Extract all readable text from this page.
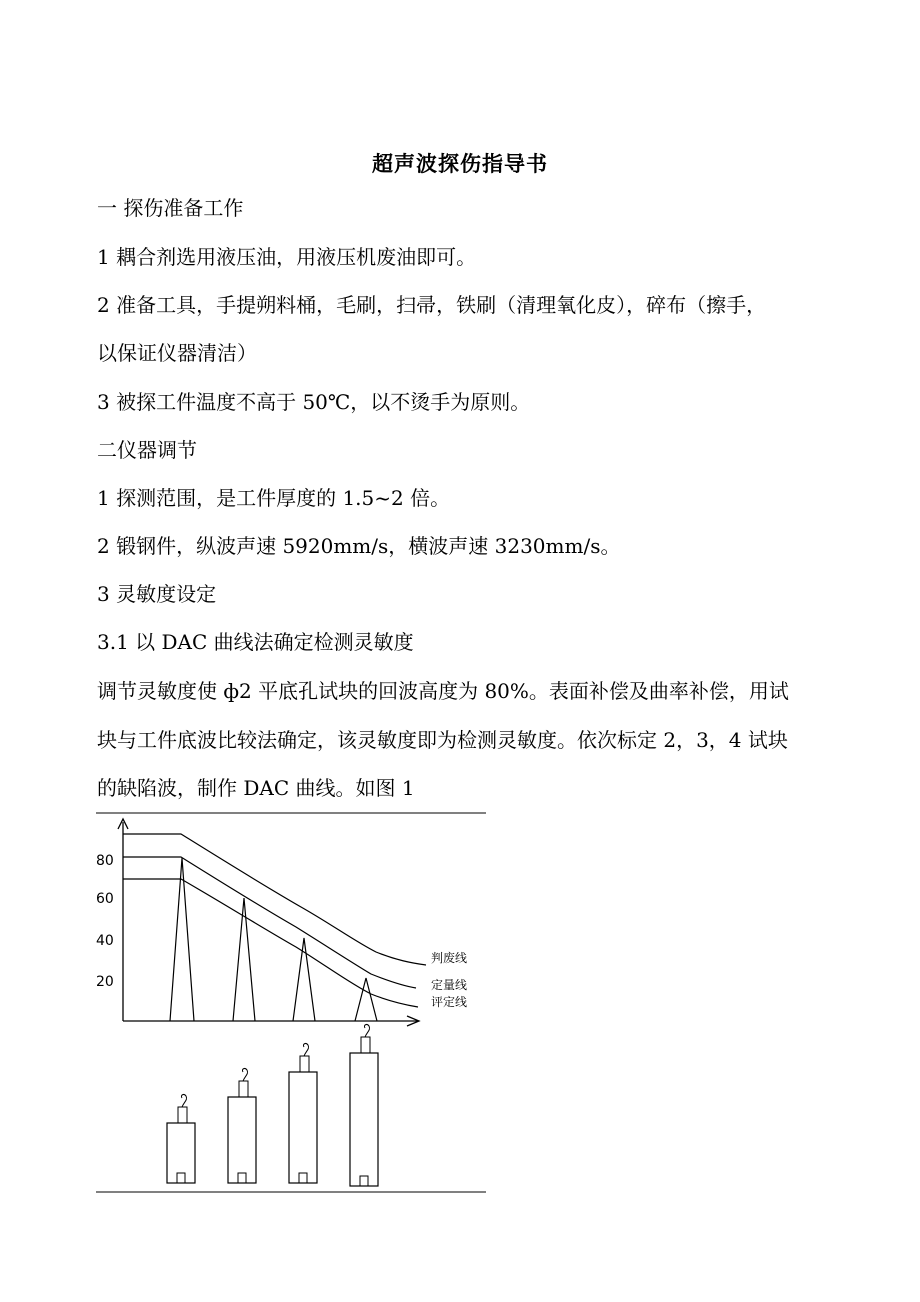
超声波探伤指导书
一 探伤准备工作
1 耦合剂选用液压油，用液压机废油即可。
2 准备工具，手提朔料桶，毛刷，扫帚，铁刷（清理氧化皮），碎布（擦手，
以保证仪器清洁）
3 被探工件温度不高于 50℃，以不烫手为原则。
二仪器调节
1 探测范围，是工件厚度的 1.5~2 倍。
2 锻钢件，纵波声速 5920mm/s，横波声速 3230mm/s。
3 灵敏度设定
3.1 以 DAC 曲线法确定检测灵敏度
调节灵敏度使 ф2 平底孔试块的回波高度为 80%。表面补偿及曲率补偿，用试
块与工件底波比较法确定，该灵敏度即为检测灵敏度。依次标定 2，3，4 试块
的缺陷波，制作 DAC 曲线。如图 1
80
60
40
20
判废线
定量线
评定线
